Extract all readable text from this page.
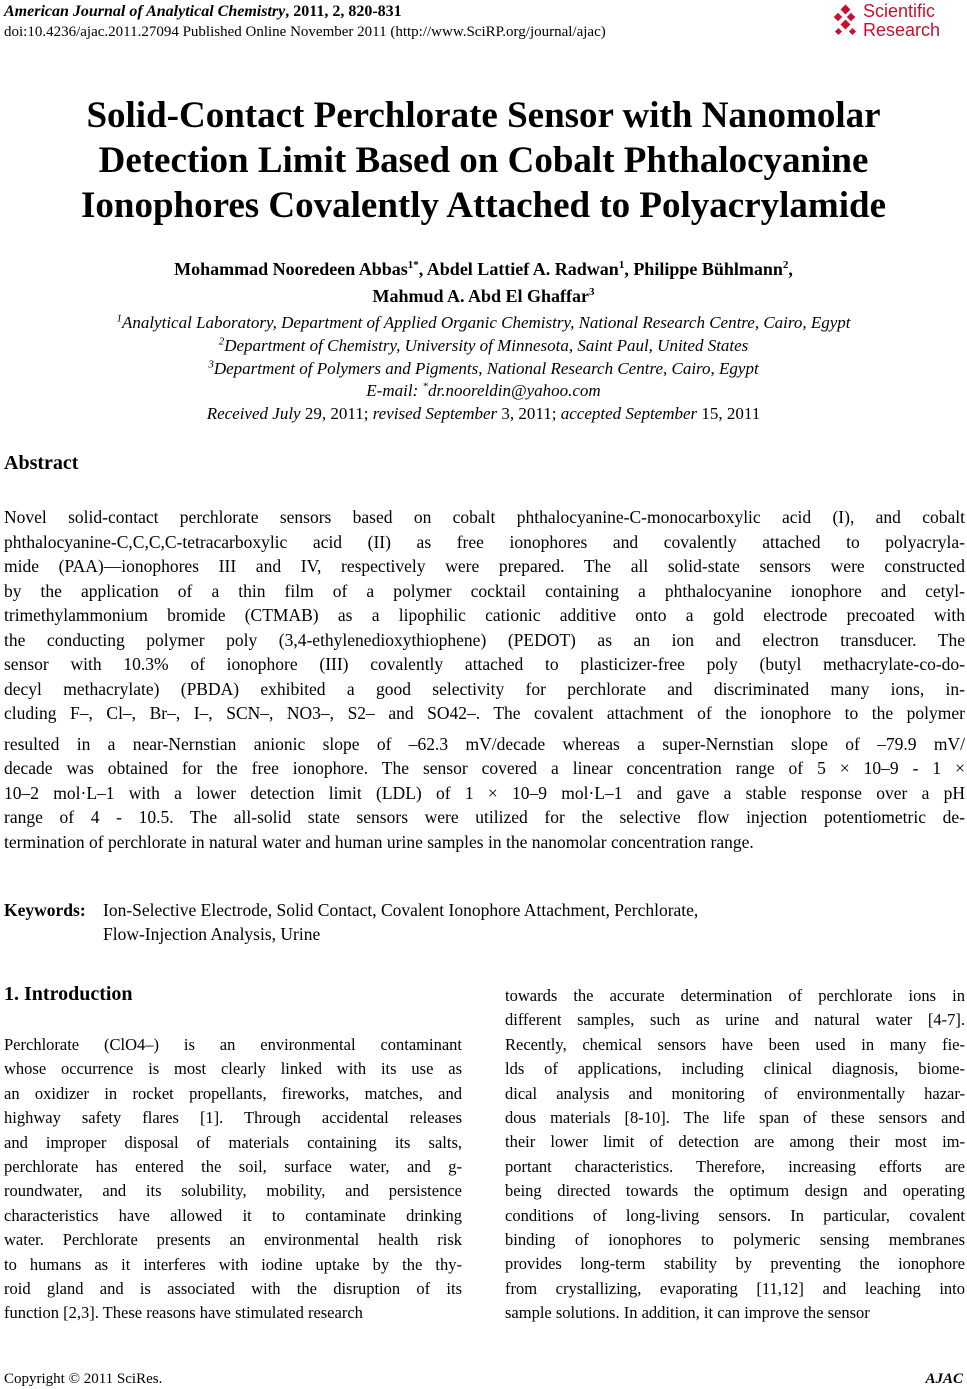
American Journal of Analytical Chemistry, 2011, 2, 820-831
doi:10.4236/ajac.2011.27094 Published Online November 2011 (http://www.SciRP.org/journal/ajac)
Scientific
Research
Solid-Contact Perchlorate Sensor with Nanomolar
Detection Limit Based on Cobalt Phthalocyanine
Ionophores Covalently Attached to Polyacrylamide
Mohammad Nooredeen Abbas$^{1*}$, Abdel Lattief A. Radwan$^1$, Philippe Bühlmann$^2$,
Mahmud A. Abd El Ghaffar$^3$
$^1$Analytical Laboratory, Department of Applied Organic Chemistry, National Research Centre, Cairo, Egypt
$^2$Department of Chemistry, University of Minnesota, Saint Paul, United States
$^3$Department of Polymers and Pigments, National Research Centre, Cairo, Egypt
E-mail: *dr.nooreldin@yahoo.com
Received July 29, 2011; revised September 3, 2011; accepted September 15, 2011
Abstract
Novel solid-contact perchlorate sensors based on cobalt phthalocyanine-C-monocarboxylic acid (I), and cobalt
phthalocyanine-C,C,C,C-tetracarboxylic acid (II) as free ionophores and covalently attached to polyacryla-
mide (PAA)—ionophores III and IV, respectively were prepared. The all solid-state sensors were constructed
by the application of a thin film of a polymer cocktail containing a phthalocyanine ionophore and cetyl-
trimethylammonium bromide (CTMAB) as a lipophilic cationic additive onto a gold electrode precoated with
the conducting polymer poly (3,4-ethylenedioxythiophene) (PEDOT) as an ion and electron transducer. The
sensor with 10.3% of ionophore (III) covalently attached to plasticizer-free poly (butyl methacrylate-co-do-
decyl methacrylate) (PBDA) exhibited a good selectivity for perchlorate and discriminated many ions, in-
cluding F–, Cl–, Br–, I–, SCN–, NO3–, S2– and SO42–. The covalent attachment of the ionophore to the polymer
resulted in a near-Nernstian anionic slope of –62.3 mV/decade whereas a super-Nernstian slope of –79.9 mV/
decade was obtained for the free ionophore. The sensor covered a linear concentration range of 5 × 10–9 - 1 ×
10–2 mol·L–1 with a lower detection limit (LDL) of 1 × 10–9 mol·L–1 and gave a stable response over a pH
range of 4 - 10.5. The all-solid state sensors were utilized for the selective flow injection potentiometric de-
termination of perchlorate in natural water and human urine samples in the nanomolar concentration range.
Keywords: Ion-Selective Electrode, Solid Contact, Covalent Ionophore Attachment, Perchlorate,
Flow-Injection Analysis, Urine
1. Introduction
Perchlorate (ClO4–) is an environmental contaminant
whose occurrence is most clearly linked with its use as
an oxidizer in rocket propellants, fireworks, matches, and
highway safety flares [1]. Through accidental releases
and improper disposal of materials containing its salts,
perchlorate has entered the soil, surface water, and g-
roundwater, and its solubility, mobility, and persistence
characteristics have allowed it to contaminate drinking
water. Perchlorate presents an environmental health risk
to humans as it interferes with iodine uptake by the thy-
roid gland and is associated with the disruption of its
function [2,3]. These reasons have stimulated research
towards the accurate determination of perchlorate ions in
different samples, such as urine and natural water [4-7].
Recently, chemical sensors have been used in many fie-
lds of applications, including clinical diagnosis, biome-
dical analysis and monitoring of environmentally hazar-
dous materials [8-10]. The life span of these sensors and
their lower limit of detection are among their most im-
portant characteristics. Therefore, increasing efforts are
being directed towards the optimum design and operating
conditions of long-living sensors. In particular, covalent
binding of ionophores to polymeric sensing membranes
provides long-term stability by preventing the ionophore
from crystallizing, evaporating [11,12] and leaching into
sample solutions. In addition, it can improve the sensor
Copyright © 2011 SciRes.	AJAC
